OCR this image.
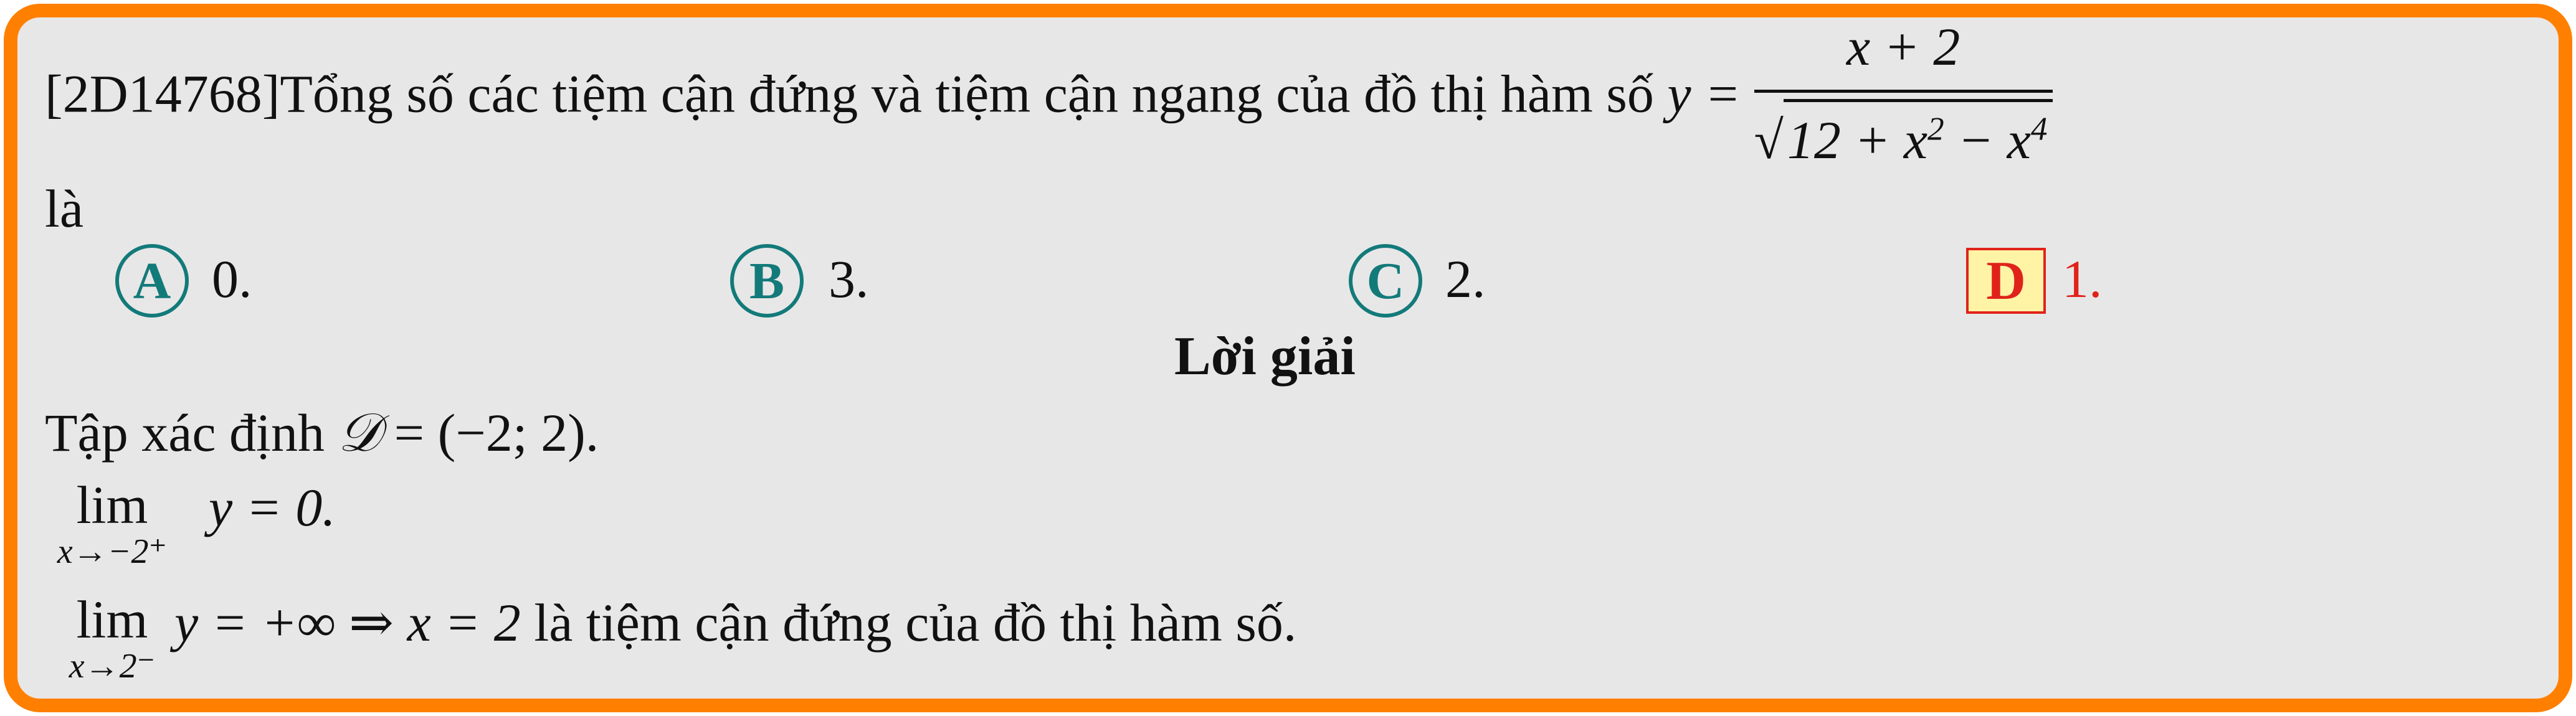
[2D14768]Tổng số các tiệm cận đứng và tiệm cận ngang của đồ thị hàm số $y = \frac{x + 2}{√12 + x^2 - x^4}$
là
A 0.	B 3.	C 2.	D 1.
Lời giải
Tập xác định 𝒟 = (−2; 2).
lim
x→−2⁺
y = 0.
lim
x→2⁻
y = +∞ ⇒ x = 2 là tiệm cận đứng của đồ thị hàm số.
